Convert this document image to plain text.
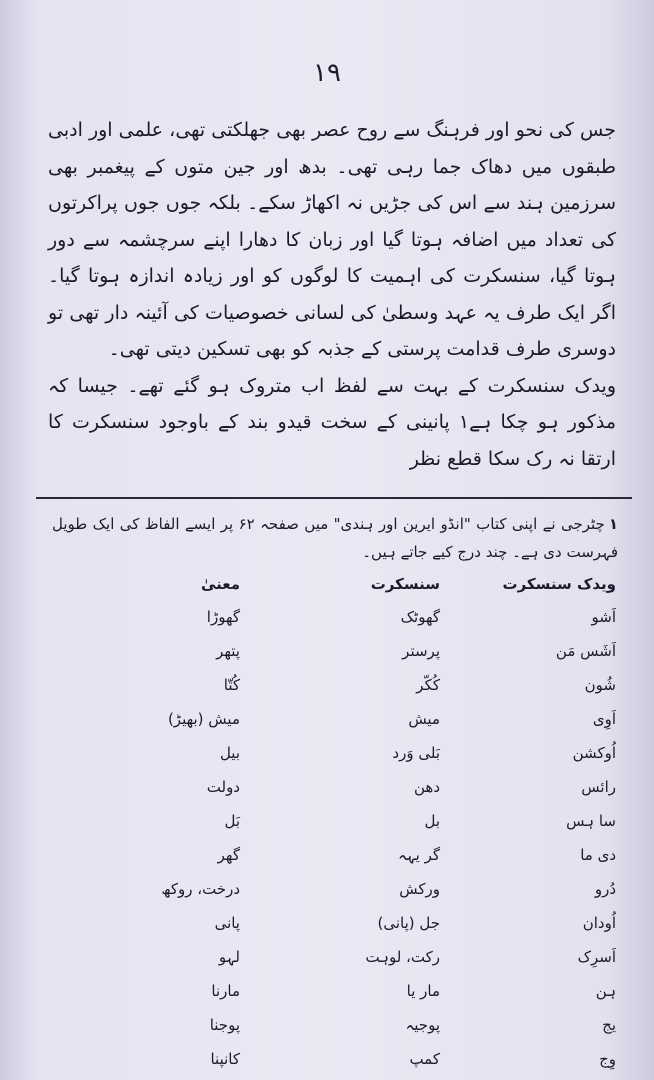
۱۹

جس کی نحو اور فرہنگ سے روح عصر بھی جھلکتی تھی، علمی اور ادبی طبقوں میں دھاک جما رہی تھی۔ بدھ اور جین متوں کے پیغمبر بھی سرزمین ہند سے اس کی جڑیں نہ اکھاڑ سکے۔ بلکہ جوں جوں پراکرتوں کی تعداد میں اضافہ ہوتا گیا اور زبان کا دھارا اپنے سرچشمہ سے دور ہوتا گیا، سنسکرت کی اہمیت کا لوگوں کو اور زیادہ اندازہ ہوتا گیا۔ اگر ایک طرف یہ عہد وسطیٰ کی لسانی خصوصیات کی آئینہ دار تھی تو دوسری طرف قدامت پرستی کے جذبہ کو بھی تسکین دیتی تھی۔

ویدک سنسکرت کے بہت سے لفظ اب متروک ہو گئے تھے۔ جیسا کہ مذکور ہو چکا ہے۱ پانینی کے سخت قیدو بند کے باوجود سنسکرت کا ارتقا نہ رک سکا قطع نظر

۱چٹرجی نے اپنی کتاب "انڈو ایرین اور ہندی" میں صفحہ ۶۲ پر ایسے الفاظ کی ایک طویل فہرست دی ہے۔ چند درج کیے جاتے ہیں۔

ویدک سنسکرت
سنسکرت
معنیٰ
اَشو
گھوٹک
گھوڑا
اَشَس مَن
پرستر
پتھر
شُون
کُکّر
کُتّا
اَوِی
میش
میش (بھیڑ)
اُوکشن
بَلی وَرد
بیل
رائس
دھن
دولت
سا ہس
بل
بَل
دی ما
گر یہہ
گھر
دُرو
ورکش
درخت، روکھ
اُودان
جل (پانی)
پانی
اَسرِک
رکت، لوہت
لہو
ہن
مار یا
مارنا
یج
پوجیہ
پوجنا
وِج
کمپ
کانپنا
